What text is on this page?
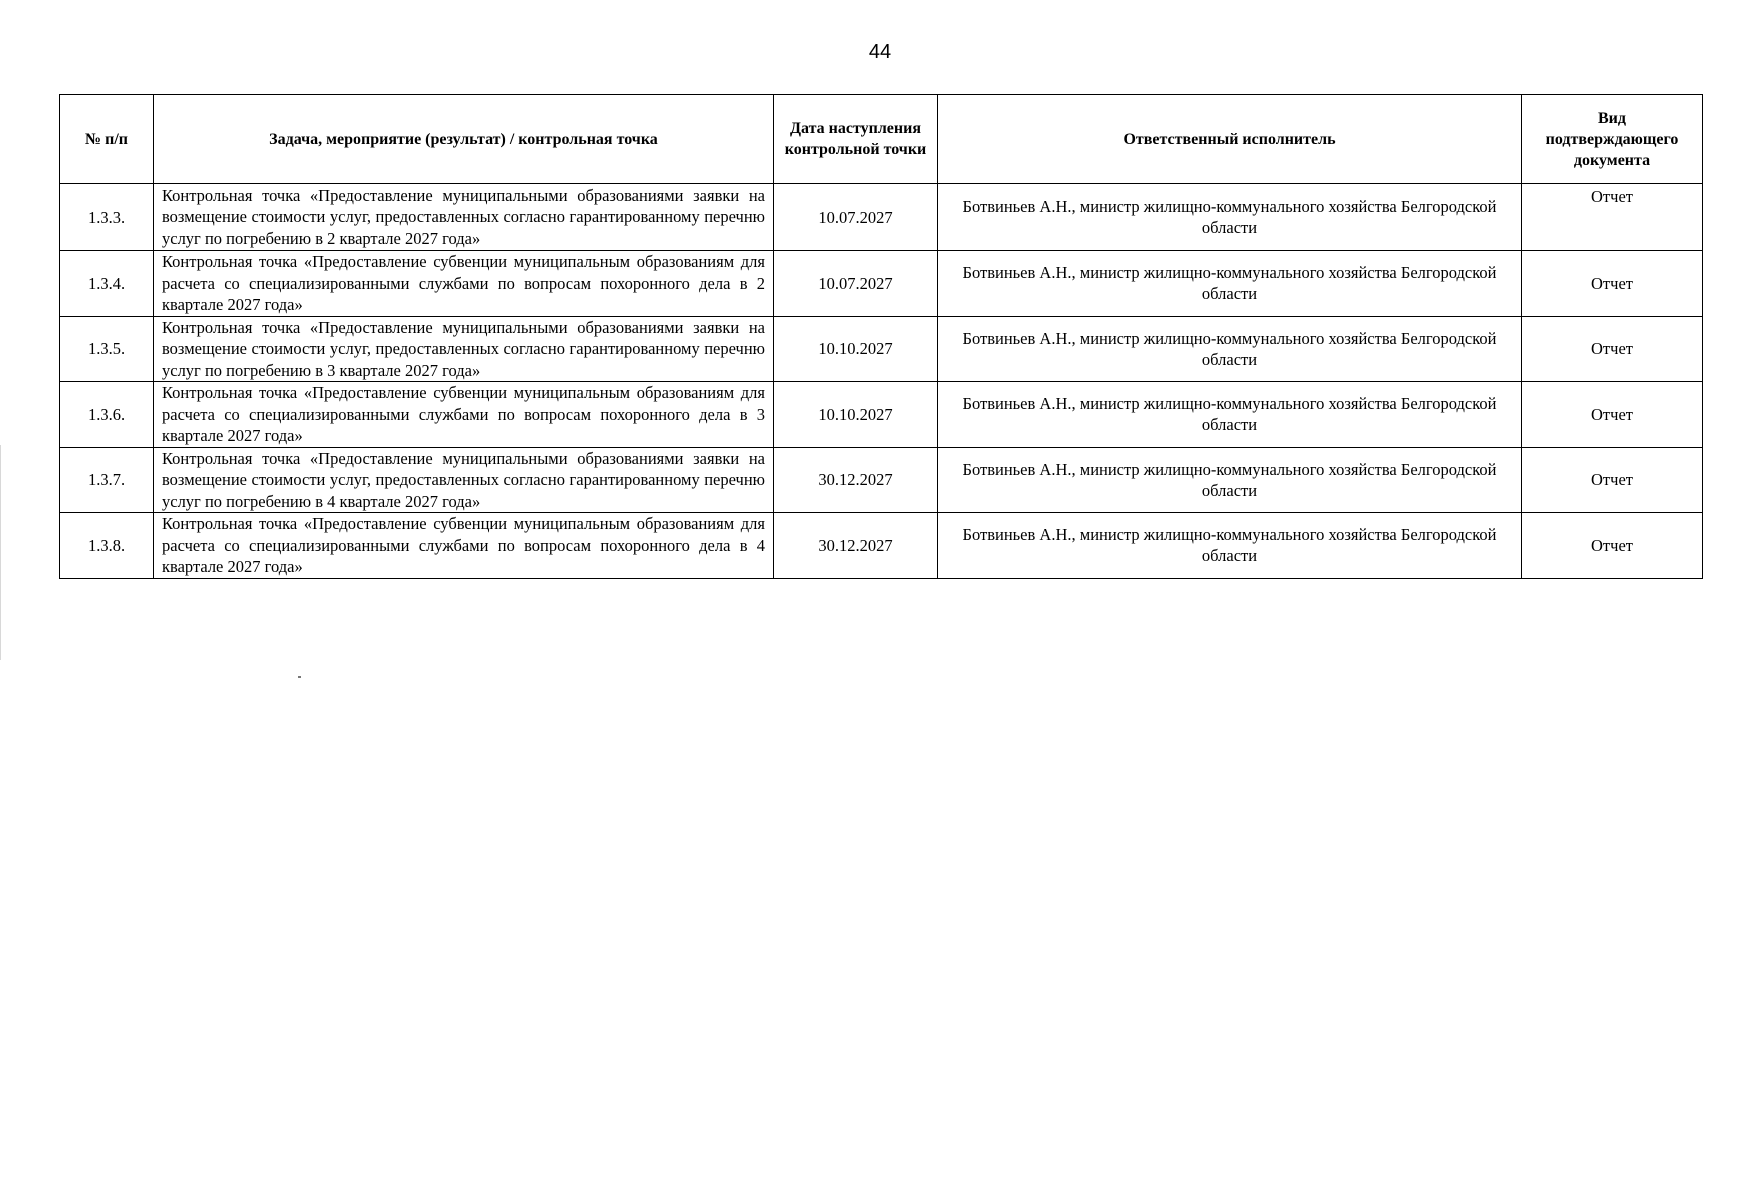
44
№ п/п	Задача, мероприятие (результат) / контрольная точка	Дата наступления контрольной точки	Ответственный исполнитель	Вид подтверждающего документа
1.3.3.	Контрольная точка «Предоставление муниципальными образованиями заявки на возмещение стоимости услуг, предоставленных согласно гарантированному перечню услуг по погребению в 2 квартале 2027 года»	10.07.2027	Ботвиньев А.Н., министр жилищно-коммунального хозяйства Белгородской области	Отчет
1.3.4.	Контрольная точка «Предоставление субвенции муниципальным образованиям для расчета со специализированными службами по вопросам похоронного дела в 2 квартале 2027 года»	10.07.2027	Ботвиньев А.Н., министр жилищно-коммунального хозяйства Белгородской области	Отчет
1.3.5.	Контрольная точка «Предоставление муниципальными образованиями заявки на возмещение стоимости услуг, предоставленных согласно гарантированному перечню услуг по погребению в 3 квартале 2027 года»	10.10.2027	Ботвиньев А.Н., министр жилищно-коммунального хозяйства Белгородской области	Отчет
1.3.6.	Контрольная точка «Предоставление субвенции муниципальным образованиям для расчета со специализированными службами по вопросам похоронного дела в 3 квартале 2027 года»	10.10.2027	Ботвиньев А.Н., министр жилищно-коммунального хозяйства Белгородской области	Отчет
1.3.7.	Контрольная точка «Предоставление муниципальными образованиями заявки на возмещение стоимости услуг, предоставленных согласно гарантированному перечню услуг по погребению в 4 квартале 2027 года»	30.12.2027	Ботвиньев А.Н., министр жилищно-коммунального хозяйства Белгородской области	Отчет
1.3.8.	Контрольная точка «Предоставление субвенции муниципальным образованиям для расчета со специализированными службами по вопросам похоронного дела в 4 квартале 2027 года»	30.12.2027	Ботвиньев А.Н., министр жилищно-коммунального хозяйства Белгородской области	Отчет
